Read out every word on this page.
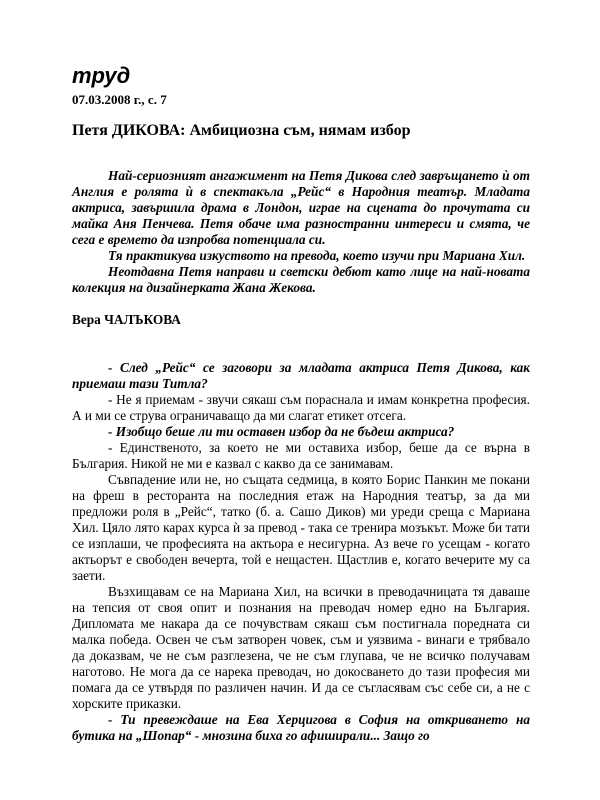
труд
07.03.2008 г., с. 7
Петя ДИКОВА: Амбициозна съм, нямам избор

Най-сериозният ангажимент на Петя Дикова след завръщането ѝ от Англия е ролята ѝ в спектакъла „Рейс“ в Народния театър. Младата актриса, завършила драма в Лондон, играе на сцената до прочутата си майка Аня Пенчева. Петя обаче има разностранни интереси и смята, че сега е времето да изпробва потенциала си.

Тя практикува изкуството на превода, което изучи при Мариана Хил.

Неотдавна Петя направи и светски дебют като лице на най-новата колекция на дизайнерката Жана Жекова.

Вера ЧАЛЪКОВА

- След „Рейс“ се заговори за младата актриса Петя Дикова, как приемаш тази Титла?

- Не я приемам - звучи сякаш съм пораснала и имам конкретна професия. А и ми се струва ограничаващо да ми слагат етикет отсега.

- Изобщо беше ли ти оставен избор да не бъдеш актриса?

- Единственото, за което не ми оставиха избор, беше да се върна в България. Никой не ми е казвал с какво да се занимавам.

Съвпадение или не, но същата седмица, в която Борис Панкин ме покани на фреш в ресторанта на последния етаж на Народния театър, за да ми предложи роля в „Рейс“, татко (б. а. Сашо Диков) ми уреди среща с Мариана Хил. Цяло лято карах курса ѝ за превод - така се тренира мозъкът. Може би тати се изплаши, че професията на актьора е несигурна. Аз вече го усещам - когато актьорът е свободен вечерта, той е нещастен. Щастлив е, когато вечерите му са заети.

Възхищавам се на Мариана Хил, на всички в преводачницата тя даваше на тепсия от своя опит и познания на преводач номер едно на България. Дипломата ме накара да се почувствам сякаш съм постигнала поредната си малка победа. Освен че съм затворен човек, съм и уязвима - винаги е трябвало да доказвам, че не съм разглезена, че не съм глупава, че не всичко получавам наготово. Не мога да се нарека преводач, но докосването до тази професия ми помага да се утвърдя по различен начин. И да се съгласявам със себе си, а не с хорските приказки.

- Ти превеждаше на Ева Херцигова в София на откриването на бутика на „Шопар“ - мнозина биха го афиширали... Защо го
